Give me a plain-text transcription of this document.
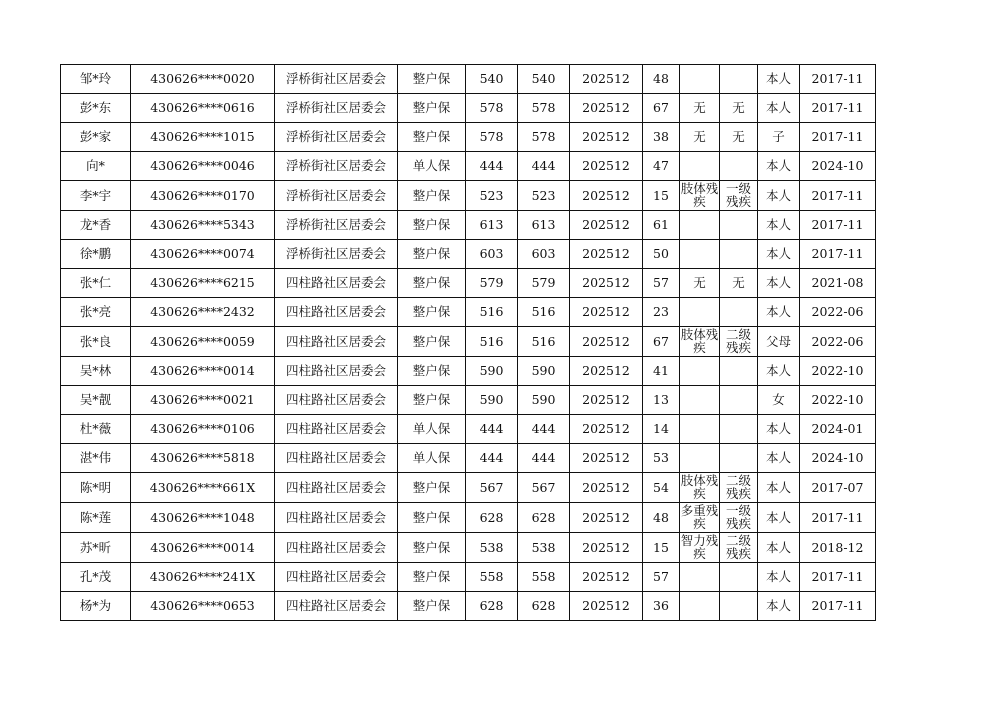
邹*玲	430626****0020	浮桥街社区居委会	整户保	540	540	202512	48			本人	2017-11
彭*东	430626****0616	浮桥街社区居委会	整户保	578	578	202512	67	无	无	本人	2017-11
彭*家	430626****1015	浮桥街社区居委会	整户保	578	578	202512	38	无	无	子	2017-11
向*	430626****0046	浮桥街社区居委会	单人保	444	444	202512	47			本人	2024-10
李*宇	430626****0170	浮桥街社区居委会	整户保	523	523	202512	15	肢体残疾	一级残疾	本人	2017-11
龙*香	430626****5343	浮桥街社区居委会	整户保	613	613	202512	61			本人	2017-11
徐*鹏	430626****0074	浮桥街社区居委会	整户保	603	603	202512	50			本人	2017-11
张*仁	430626****6215	四柱路社区居委会	整户保	579	579	202512	57	无	无	本人	2021-08
张*亮	430626****2432	四柱路社区居委会	整户保	516	516	202512	23			本人	2022-06
张*良	430626****0059	四柱路社区居委会	整户保	516	516	202512	67	肢体残疾	二级残疾	父母	2022-06
吴*林	430626****0014	四柱路社区居委会	整户保	590	590	202512	41			本人	2022-10
吴*靓	430626****0021	四柱路社区居委会	整户保	590	590	202512	13			女	2022-10
杜*薇	430626****0106	四柱路社区居委会	单人保	444	444	202512	14			本人	2024-01
湛*伟	430626****5818	四柱路社区居委会	单人保	444	444	202512	53			本人	2024-10
陈*明	430626****661X	四柱路社区居委会	整户保	567	567	202512	54	肢体残疾	二级残疾	本人	2017-07
陈*莲	430626****1048	四柱路社区居委会	整户保	628	628	202512	48	多重残疾	一级残疾	本人	2017-11
苏*昕	430626****0014	四柱路社区居委会	整户保	538	538	202512	15	智力残疾	二级残疾	本人	2018-12
孔*茂	430626****241X	四柱路社区居委会	整户保	558	558	202512	57			本人	2017-11
杨*为	430626****0653	四柱路社区居委会	整户保	628	628	202512	36			本人	2017-11
